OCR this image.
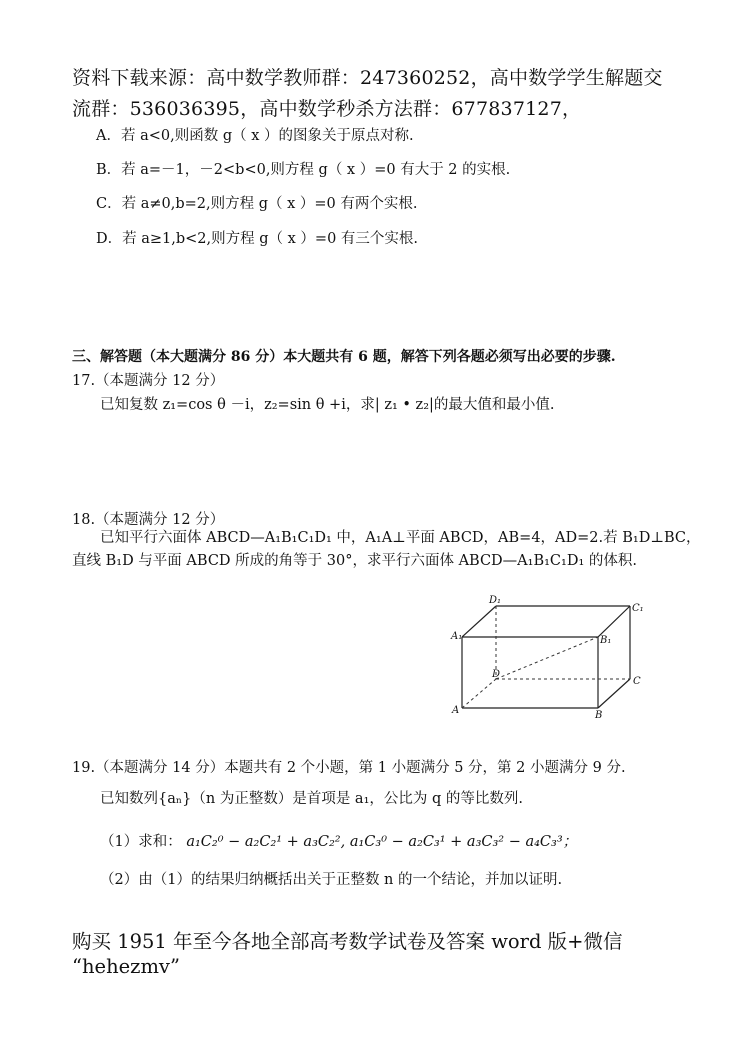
资料下载来源：高中数学教师群：247360252，高中数学学生解题交
流群：536036395，高中数学秒杀方法群：677837127，
A．若 a<0,则函数 g（ x ）的图象关于原点对称.
B．若 a=－1，－2<b<0,则方程 g（ x ）=0 有大于 2 的实根.
C．若 a≠0,b=2,则方程 g（ x ）=0 有两个实根.
D．若 a≥1,b<2,则方程 g（ x ）=0 有三个实根.
三、解答题（本大题满分 86 分）本大题共有 6 题，解答下列各题必须写出必要的步骤.
17.（本题满分 12 分）
已知复数 z₁=cos θ －i，z₂=sin θ +i，求| z₁ • z₂|的最大值和最小值.
18.（本题满分 12 分）
已知平行六面体 ABCD—A₁B₁C₁D₁ 中，A₁A⊥平面 ABCD，AB=4，AD=2.若 B₁D⊥BC，
直线 B₁D 与平面 ABCD 所成的角等于 30°，求平行六面体 ABCD—A₁B₁C₁D₁ 的体积.
D₁
C₁
A₁	B₁
D
C
A	B
19.（本题满分 14 分）本题共有 2 个小题，第 1 小题满分 5 分，第 2 小题满分 9 分.
已知数列{aₙ}（n 为正整数）是首项是 a₁，公比为 q 的等比数列.
（1）求和： a₁C₂⁰ − a₂C₂¹ + a₃C₂², a₁C₃⁰ − a₂C₃¹ + a₃C₃² − a₄C₃³；
（2）由（1）的结果归纳概括出关于正整数 n 的一个结论，并加以证明.
购买 1951 年至今各地全部高考数学试卷及答案 word 版+微信
“hehezmv”
